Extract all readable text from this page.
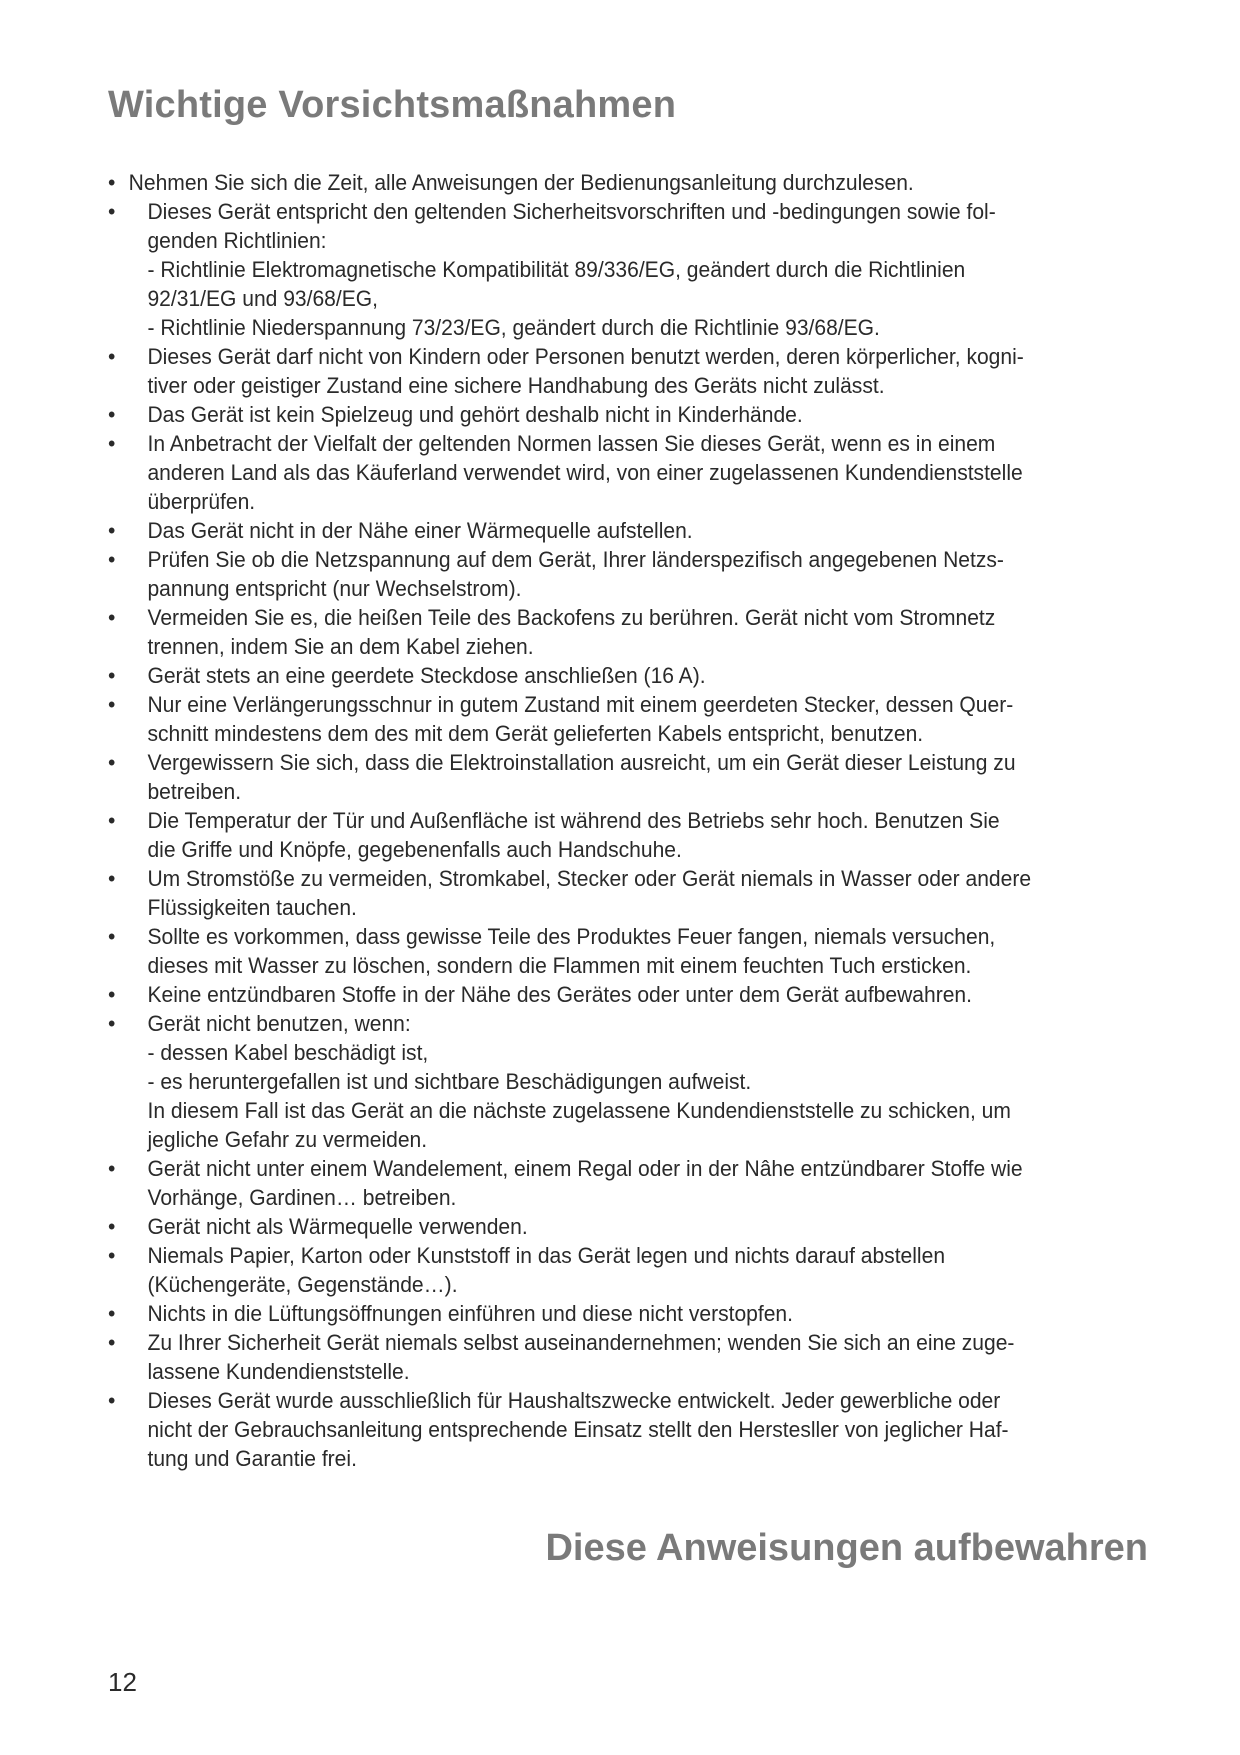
Wichtige Vorsichtsmaßnahmen
• Nehmen Sie sich die Zeit, alle Anweisungen der Bedienungsanleitung durchzulesen.
• Dieses Gerät entspricht den geltenden Sicherheitsvorschriften und -bedingungen sowie fol-
genden Richtlinien:
- Richtlinie Elektromagnetische Kompatibilität 89/336/EG, geändert durch die Richtlinien
92/31/EG und 93/68/EG,
- Richtlinie Niederspannung 73/23/EG, geändert durch die Richtlinie 93/68/EG.
• Dieses Gerät darf nicht von Kindern oder Personen benutzt werden, deren körperlicher, kogni-
tiver oder geistiger Zustand eine sichere Handhabung des Geräts nicht zulässt.
• Das Gerät ist kein Spielzeug und gehört deshalb nicht in Kinderhände.
• In Anbetracht der Vielfalt der geltenden Normen lassen Sie dieses Gerät, wenn es in einem
anderen Land als das Käuferland verwendet wird, von einer zugelassenen Kundendienststelle
überprüfen.
• Das Gerät nicht in der Nähe einer Wärmequelle aufstellen.
• Prüfen Sie ob die Netzspannung auf dem Gerät, Ihrer länderspezifisch angegebenen Netzs-
pannung entspricht (nur Wechselstrom).
• Vermeiden Sie es, die heißen Teile des Backofens zu berühren. Gerät nicht vom Stromnetz
trennen, indem Sie an dem Kabel ziehen.
• Gerät stets an eine geerdete Steckdose anschließen (16 A).
• Nur eine Verlängerungsschnur in gutem Zustand mit einem geerdeten Stecker, dessen Quer-
schnitt mindestens dem des mit dem Gerät gelieferten Kabels entspricht, benutzen.
• Vergewissern Sie sich, dass die Elektroinstallation ausreicht, um ein Gerät dieser Leistung zu
betreiben.
• Die Temperatur der Tür und Außenfläche ist während des Betriebs sehr hoch. Benutzen Sie
die Griffe und Knöpfe, gegebenenfalls auch Handschuhe.
• Um Stromstöße zu vermeiden, Stromkabel, Stecker oder Gerät niemals in Wasser oder andere
Flüssigkeiten tauchen.
• Sollte es vorkommen, dass gewisse Teile des Produktes Feuer fangen, niemals versuchen,
dieses mit Wasser zu löschen, sondern die Flammen mit einem feuchten Tuch ersticken.
• Keine entzündbaren Stoffe in der Nähe des Gerätes oder unter dem Gerät aufbewahren.
• Gerät nicht benutzen, wenn:
- dessen Kabel beschädigt ist,
- es heruntergefallen ist und sichtbare Beschädigungen aufweist.
In diesem Fall ist das Gerät an die nächste zugelassene Kundendienststelle zu schicken, um
jegliche Gefahr zu vermeiden.
• Gerät nicht unter einem Wandelement, einem Regal oder in der Nâhe entzündbarer Stoffe wie
Vorhänge, Gardinen… betreiben.
• Gerät nicht als Wärmequelle verwenden.
• Niemals Papier, Karton oder Kunststoff in das Gerät legen und nichts darauf abstellen
(Küchengeräte, Gegenstände…).
• Nichts in die Lüftungsöffnungen einführen und diese nicht verstopfen.
• Zu Ihrer Sicherheit Gerät niemals selbst auseinandernehmen; wenden Sie sich an eine zuge-
lassene Kundendienststelle.
• Dieses Gerät wurde ausschließlich für Haushaltszwecke entwickelt. Jeder gewerbliche oder
nicht der Gebrauchsanleitung entsprechende Einsatz stellt den Herstesller von jeglicher Haf-
tung und Garantie frei.
Diese Anweisungen aufbewahren
12
